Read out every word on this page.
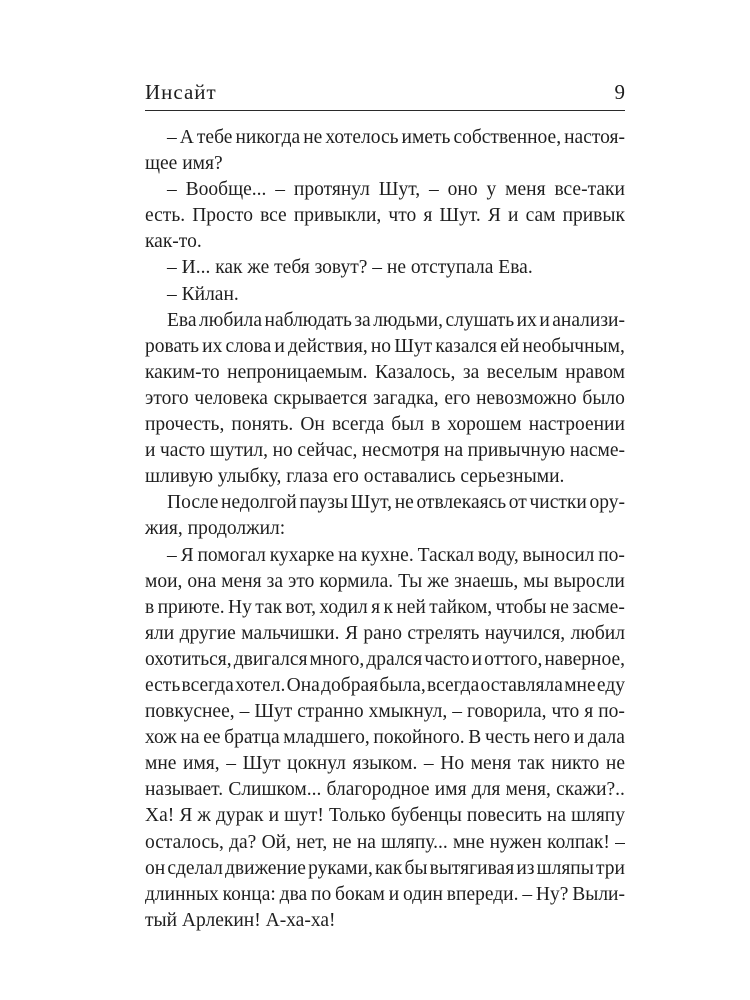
Инсайт	9
– А тебе никогда не хотелось иметь собственное, настоя-
щее имя?
– Вообще... – протянул Шут, – оно у меня все-таки
есть. Просто все привыкли, что я Шут. Я и сам привык
как-то.
– И... как же тебя зовут? – не отступала Ева.
– Кйлан.
Ева любила наблюдать за людьми, слушать их и анализи-
ровать их слова и действия, но Шут казался ей необычным,
каким-то непроницаемым. Казалось, за веселым нравом
этого человека скрывается загадка, его невозможно было
прочесть, понять. Он всегда был в хорошем настроении
и часто шутил, но сейчас, несмотря на привычную насме-
шливую улыбку, глаза его оставались серьезными.
После недолгой паузы Шут, не отвлекаясь от чистки ору-
жия, продолжил:
– Я помогал кухарке на кухне. Таскал воду, выносил по-
мои, она меня за это кормила. Ты же знаешь, мы выросли
в приюте. Ну так вот, ходил я к ней тайком, чтобы не засме-
яли другие мальчишки. Я рано стрелять научился, любил
охотиться, двигался много, дрался часто и оттого, наверное,
есть всегда хотел. Она добрая была, всегда оставляла мне еду
повкуснее, – Шут странно хмыкнул, – говорила, что я по-
хож на ее братца младшего, покойного. В честь него и дала
мне имя, – Шут цокнул языком. – Но меня так никто не
называет. Слишком... благородное имя для меня, скажи?..
Ха! Я ж дурак и шут! Только бубенцы повесить на шляпу
осталось, да? Ой, нет, не на шляпу... мне нужен колпак! –
он сделал движение руками, как бы вытягивая из шляпы три
длинных конца: два по бокам и один впереди. – Ну? Выли-
тый Арлекин! А-ха-ха!
